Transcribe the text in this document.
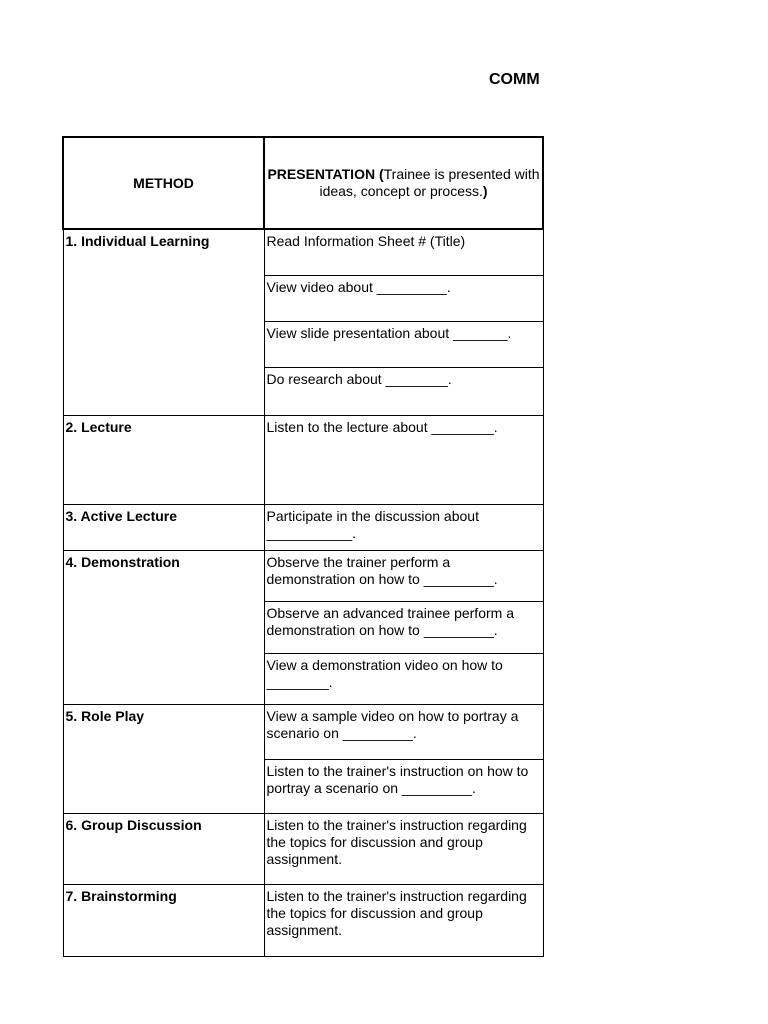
COMM
METHOD	PRESENTATION (Trainee is presented with ideas, concept or process.)
1. Individual Learning		Read Information Sheet # (Title)
View video about _________.
View slide presentation about _______.
Do research about ________.

2. Lecture	Listen to the lecture about ________.
3. Active Lecture	Participate in the discussion about ___________.
4. Demonstration		Observe the trainer perform a demonstration on how to _________.
Observe an advanced trainee perform a demonstration on how to _________.
View a demonstration video on how to ________.

5. Role Play		View a sample video on how to portray a scenario on _________.
Listen to the trainer's instruction on how to portray a scenario on _________.

6. Group Discussion	Listen to the trainer's instruction regarding the topics for discussion and group assignment.
7. Brainstorming	Listen to the trainer's instruction regarding the topics for discussion and group assignment.
